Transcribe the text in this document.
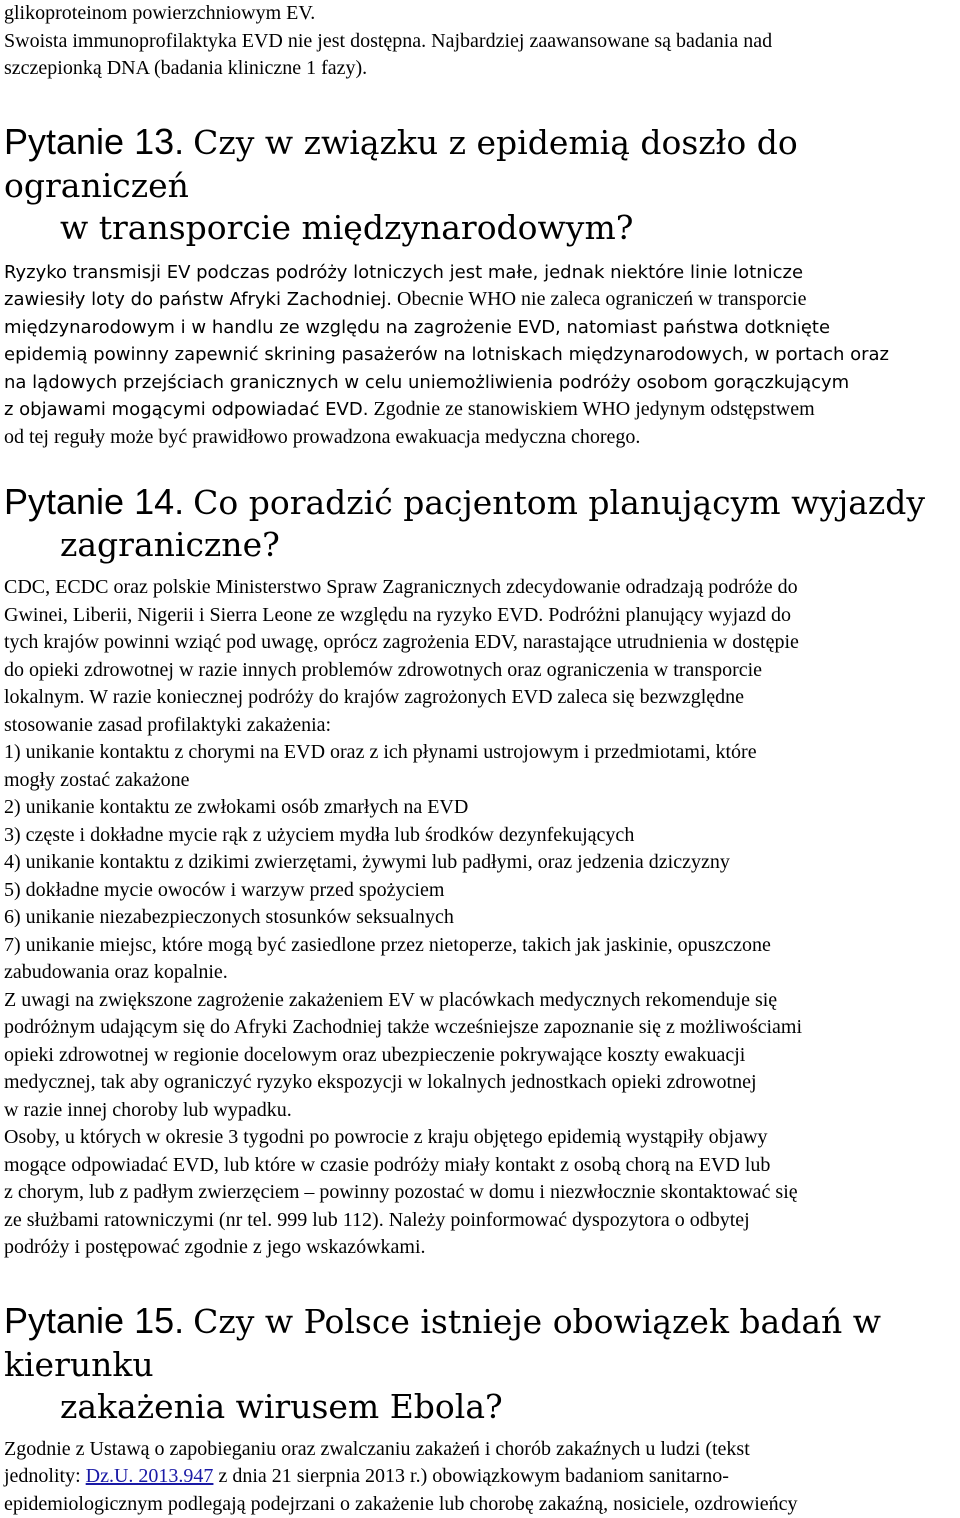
glikoproteinom powierzchniowym EV.

Swoista immunoprofilaktyka EVD nie jest dostępna. Najbardziej zaawansowane są badania nad

szczepionką DNA (badania kliniczne 1 fazy).

Pytanie 13. Czy w związku z epidemią doszło do ograniczeń
w transporcie międzynarodowym?

Ryzyko transmisji EV podczas podróży lotniczych jest małe, jednak niektóre linie lotnicze

zawiesiły loty do państw Afryki Zachodniej. Obecnie WHO nie zaleca ograniczeń w transporcie

międzynarodowym i w handlu ze względu na zagrożenie EVD, natomiast państwa dotknięte

epidemią powinny zapewnić skrining pasażerów na lotniskach międzynarodowych, w portach oraz

na lądowych przejściach granicznych w celu uniemożliwienia podróży osobom gorączkującym

z objawami mogącymi odpowiadać EVD. Zgodnie ze stanowiskiem WHO jedynym odstępstwem

od tej reguły może być prawidłowo prowadzona ewakuacja medyczna chorego.

Pytanie 14. Co poradzić pacjentom planującym wyjazdy
zagraniczne?

CDC, ECDC oraz polskie Ministerstwo Spraw Zagranicznych zdecydowanie odradzają podróże do

Gwinei, Liberii, Nigerii i Sierra Leone ze względu na ryzyko EVD. Podróżni planujący wyjazd do

tych krajów powinni wziąć pod uwagę, oprócz zagrożenia EDV, narastające utrudnienia w dostępie

do opieki zdrowotnej w razie innych problemów zdrowotnych oraz ograniczenia w transporcie

lokalnym. W razie koniecznej podróży do krajów zagrożonych EVD zaleca się bezwzględne

stosowanie zasad profilaktyki zakażenia:

1) unikanie kontaktu z chorymi na EVD oraz z ich płynami ustrojowym i przedmiotami, które

mogły zostać zakażone

2) unikanie kontaktu ze zwłokami osób zmarłych na EVD

3) częste i dokładne mycie rąk z użyciem mydła lub środków dezynfekujących

4) unikanie kontaktu z dzikimi zwierzętami, żywymi lub padłymi, oraz jedzenia dziczyzny

5) dokładne mycie owoców i warzyw przed spożyciem

6) unikanie niezabezpieczonych stosunków seksualnych

7) unikanie miejsc, które mogą być zasiedlone przez nietoperze, takich jak jaskinie, opuszczone

zabudowania oraz kopalnie.

Z uwagi na zwiększone zagrożenie zakażeniem EV w placówkach medycznych rekomenduje się

podróżnym udającym się do Afryki Zachodniej także wcześniejsze zapoznanie się z możliwościami

opieki zdrowotnej w regionie docelowym oraz ubezpieczenie pokrywające koszty ewakuacji

medycznej, tak aby ograniczyć ryzyko ekspozycji w lokalnych jednostkach opieki zdrowotnej

w razie innej choroby lub wypadku.

Osoby, u których w okresie 3 tygodni po powrocie z kraju objętego epidemią wystąpiły objawy

mogące odpowiadać EVD, lub które w czasie podróży miały kontakt z osobą chorą na EVD lub

z chorym, lub z padłym zwierzęciem – powinny pozostać w domu i niezwłocznie skontaktować się

ze służbami ratowniczymi (nr tel. 999 lub 112). Należy poinformować dyspozytora o odbytej

podróży i postępować zgodnie z jego wskazówkami.

Pytanie 15. Czy w Polsce istnieje obowiązek badań w kierunku
zakażenia wirusem Ebola?

Zgodnie z Ustawą o zapobieganiu oraz zwalczaniu zakażeń i chorób zakaźnych u ludzi (tekst

jednolity: Dz.U. 2013.947 z dnia 21 sierpnia 2013 r.) obowiązkowym badaniom sanitarno-

epidemiologicznym podlegają podejrzani o zakażenie lub chorobę zakaźną, nosiciele, ozdrowieńcy
